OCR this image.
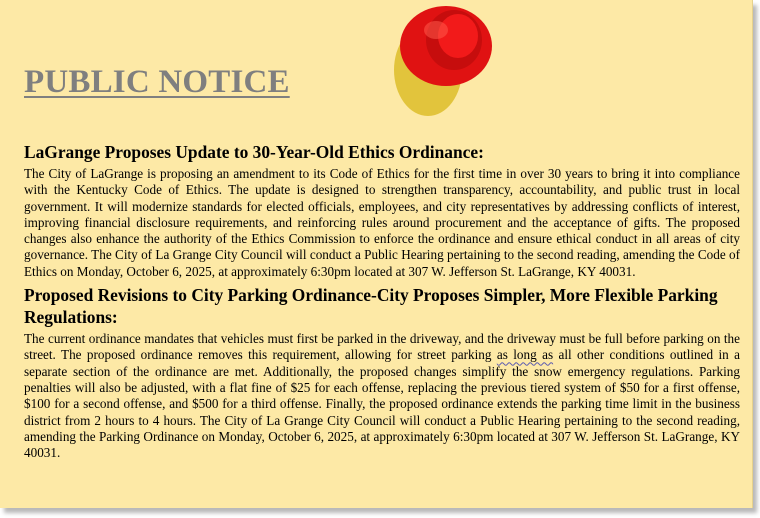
PUBLIC NOTICE
LaGrange Proposes Update to 30-Year-Old Ethics Ordinance:

The City of LaGrange is proposing an amendment to its Code of Ethics for the first time in over 30 years to bring it into compliance with the Kentucky Code of Ethics. The update is designed to strengthen transparency, accountability, and public trust in local government. It will modernize standards for elected officials, employees, and city representatives by addressing conflicts of interest, improving financial disclosure requirements, and reinforcing rules around procurement and the acceptance of gifts. The proposed changes also enhance the authority of the Ethics Commission to enforce the ordinance and ensure ethical conduct in all areas of city governance. The City of La Grange City Council will conduct a Public Hearing pertaining to the second reading, amending the Code of Ethics on Monday, October 6, 2025, at approximately 6:30pm located at 307 W. Jefferson St. LaGrange, KY 40031.

Proposed Revisions to City Parking Ordinance-City Proposes Simpler, More Flexible Parking Regulations:

The current ordinance mandates that vehicles must first be parked in the driveway, and the driveway must be full before parking on the street. The proposed ordinance removes this requirement, allowing for street parking as long as all other conditions outlined in a separate section of the ordinance are met. Additionally, the proposed changes simplify the snow emergency regulations. Parking penalties will also be adjusted, with a flat fine of $25 for each offense, replacing the previous tiered system of $50 for a first offense, $100 for a second offense, and $500 for a third offense. Finally, the proposed ordinance extends the parking time limit in the business district from 2 hours to 4 hours. The City of La Grange City Council will conduct a Public Hearing pertaining to the second reading, amending the Parking Ordinance on Monday, October 6, 2025, at approximately 6:30pm located at 307 W. Jefferson St. LaGrange, KY 40031.
